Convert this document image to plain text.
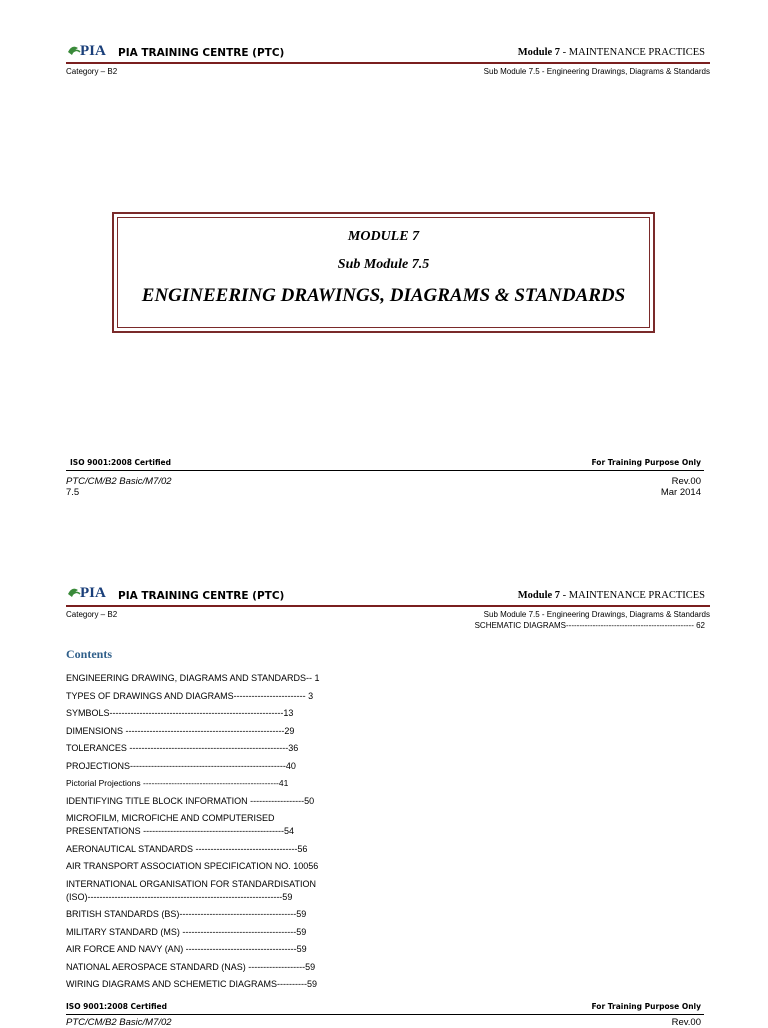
PIA PIA TRAINING CENTRE (PTC)	Module 7 - MAINTENANCE PRACTICES
Category – B2	Sub Module 7.5 - Engineering Drawings, Diagrams & Standards
MODULE 7
Sub Module 7.5
ENGINEERING DRAWINGS, DIAGRAMS & STANDARDS
ISO 9001:2008 Certified	For Training Purpose Only
PTC/CM/B2 Basic/M7/02
7.5
Rev.00
Mar 2014
PIA PIA TRAINING CENTRE (PTC)	Module 7 - MAINTENANCE PRACTICES
Category – B2	Sub Module 7.5 - Engineering Drawings, Diagrams & Standards
SCHEMATIC DIAGRAMS------------------------------------------------ 62
Contents
ENGINEERING DRAWING, DIAGRAMS AND STANDARDS-- 1
TYPES OF DRAWINGS AND DIAGRAMS------------------------ 3
SYMBOLS----------------------------------------------------------13
DIMENSIONS -----------------------------------------------------29
TOLERANCES -----------------------------------------------------36
PROJECTIONS----------------------------------------------------40
Pictorial Projections ------------------------------------------------41
IDENTIFYING TITLE BLOCK INFORMATION ------------------50
MICROFILM, MICROFICHE AND COMPUTERISED
PRESENTATIONS -----------------------------------------------54
AERONAUTICAL STANDARDS ----------------------------------56
AIR TRANSPORT ASSOCIATION SPECIFICATION NO. 10056
INTERNATIONAL ORGANISATION FOR STANDARDISATION
(ISO)-----------------------------------------------------------------59
BRITISH STANDARDS (BS)---------------------------------------59
MILITARY STANDARD (MS) --------------------------------------59
AIR FORCE AND NAVY (AN) -------------------------------------59
NATIONAL AEROSPACE STANDARD (NAS) -------------------59
WIRING DIAGRAMS AND SCHEMETIC DIAGRAMS----------59
ISO 9001:2008 Certified	For Training Purpose Only
PTC/CM/B2 Basic/M7/02	Rev.00
